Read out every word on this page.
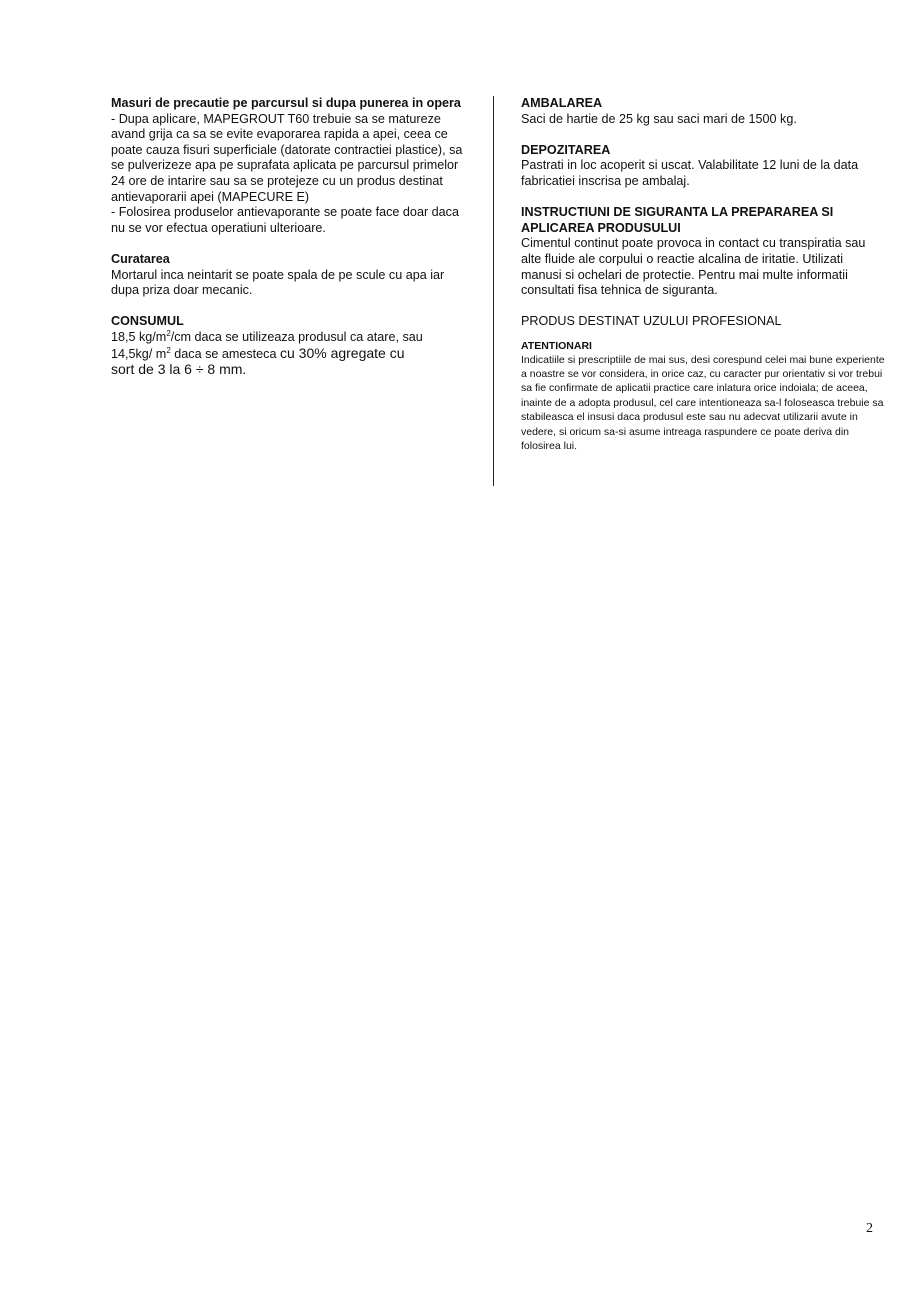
Masuri de precautie pe parcursul si dupa punerea in opera

- Dupa aplicare, MAPEGROUT T60 trebuie sa se matureze avand grija ca sa se evite evaporarea rapida a apei, ceea ce poate cauza fisuri superficiale (datorate contractiei plastice), sa se pulverizeze apa pe suprafata aplicata pe parcursul primelor 24 ore de intarire sau sa se protejeze cu un produs destinat antievaporarii apei (MAPECURE E)

- Folosirea produselor antievaporante se poate face doar daca nu se vor efectua operatiuni ulterioare.

Curatarea

Mortarul inca neintarit se poate spala de pe scule cu apa iar dupa priza doar mecanic.

CONSUMUL

18,5 $kg/m^2/cm$ daca se utilizeaza produsul ca atare, sau

14,5kg/ $m^2$ daca se amesteca cu 30% agregate cu

sort de 3 la 6 ÷ 8 mm.

AMBALAREA

Saci de hartie de 25 kg sau saci mari de 1500 kg.

DEPOZITAREA

Pastrati in loc acoperit si uscat. Valabilitate 12 luni de la data fabricatiei inscrisa pe ambalaj.

INSTRUCTIUNI DE SIGURANTA LA PREPARAREA SI APLICAREA PRODUSULUI

Cimentul continut poate provoca in contact cu transpiratia sau alte fluide ale corpului o reactie alcalina de iritatie. Utilizati manusi si ochelari de protectie. Pentru mai multe informatii consultati fisa tehnica de siguranta.

PRODUS DESTINAT UZULUI PROFESIONAL

ATENTIONARI

Indicatiile si prescriptiile de mai sus, desi corespund celei mai bune experiente a noastre se vor considera, in orice caz, cu caracter pur orientativ si vor trebui sa fie confirmate de aplicatii practice care inlatura orice indoiala; de aceea, inainte de a adopta produsul, cel care intentioneaza sa-l foloseasca trebuie sa stabileasca el insusi daca produsul este sau nu adecvat utilizarii avute in vedere, si oricum sa-si asume intreaga raspundere ce poate deriva din folosirea lui.

2
